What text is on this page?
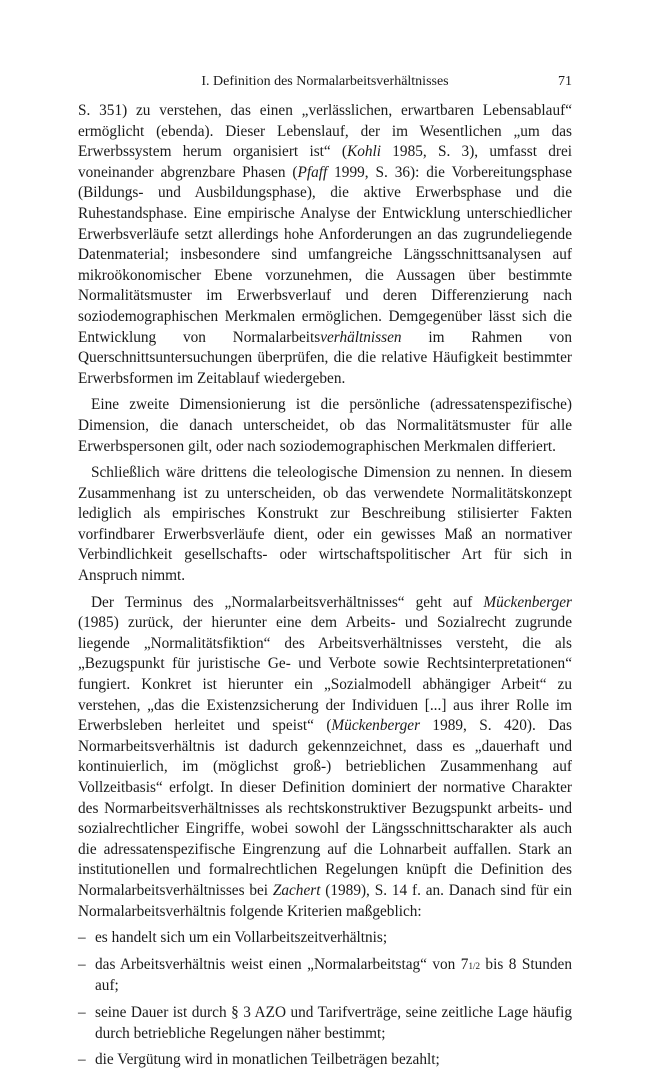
I. Definition des Normalarbeitsverhältnisses	71

S. 351) zu verstehen, das einen „verlässlichen, erwartbaren Lebensablauf“ ermöglicht (ebenda). Dieser Lebenslauf, der im Wesentlichen „um das Erwerbssystem herum organisiert ist“ (Kohli 1985, S. 3), umfasst drei voneinander abgrenzbare Phasen (Pfaff 1999, S. 36): die Vorbereitungsphase (Bildungs- und Ausbildungsphase), die aktive Erwerbsphase und die Ruhestandsphase. Eine empirische Analyse der Entwicklung unterschiedlicher Erwerbsverläufe setzt allerdings hohe Anforderungen an das zugrundeliegende Datenmaterial; insbesondere sind umfangreiche Längsschnittsanalysen auf mikroökonomischer Ebene vorzunehmen, die Aussagen über bestimmte Normalitätsmuster im Erwerbsverlauf und deren Differenzierung nach soziodemographischen Merkmalen ermöglichen. Demgegenüber lässt sich die Entwicklung von Normalarbeitsverhältnissen im Rahmen von Querschnittsuntersuchungen überprüfen, die die relative Häufigkeit bestimmter Erwerbsformen im Zeitablauf wiedergeben.

Eine zweite Dimensionierung ist die persönliche (adressatenspezifische) Dimension, die danach unterscheidet, ob das Normalitätsmuster für alle Erwerbspersonen gilt, oder nach soziodemographischen Merkmalen differiert.

Schließlich wäre drittens die teleologische Dimension zu nennen. In diesem Zusammenhang ist zu unterscheiden, ob das verwendete Normalitätskonzept lediglich als empirisches Konstrukt zur Beschreibung stilisierter Fakten vorfindbarer Erwerbsverläufe dient, oder ein gewisses Maß an normativer Verbindlichkeit gesellschafts- oder wirtschaftspolitischer Art für sich in Anspruch nimmt.

Der Terminus des „Normalarbeitsverhältnisses“ geht auf Mückenberger (1985) zurück, der hierunter eine dem Arbeits- und Sozialrecht zugrunde liegende „Normalitätsfiktion“ des Arbeitsverhältnisses versteht, die als „Bezugspunkt für juristische Ge- und Verbote sowie Rechtsinterpretationen“ fungiert. Konkret ist hierunter ein „Sozialmodell abhängiger Arbeit“ zu verstehen, „das die Existenzsicherung der Individuen [...] aus ihrer Rolle im Erwerbsleben herleitet und speist“ (Mückenberger 1989, S. 420). Das Normarbeitsverhältnis ist dadurch gekennzeichnet, dass es „dauerhaft und kontinuierlich, im (möglichst groß-) betrieblichen Zusammenhang auf Vollzeitbasis“ erfolgt. In dieser Definition dominiert der normative Charakter des Normarbeitsverhältnisses als rechtskonstruktiver Bezugspunkt arbeits- und sozialrechtlicher Eingriffe, wobei sowohl der Längsschnittscharakter als auch die adressatenspezifische Eingrenzung auf die Lohnarbeit auffallen. Stark an institutionellen und formalrechtlichen Regelungen knüpft die Definition des Normalarbeitsverhältnisses bei Zachert (1989), S. 14 f. an. Danach sind für ein Normalarbeitsverhältnis folgende Kriterien maßgeblich:

– es handelt sich um ein Vollarbeitszeitverhältnis;
– das Arbeitsverhältnis weist einen „Normalarbeitstag“ von 71/2 bis 8 Stunden auf;
– seine Dauer ist durch § 3 AZO und Tarifverträge, seine zeitliche Lage häufig durch betriebliche Regelungen näher bestimmt;
– die Vergütung wird in monatlichen Teilbeträgen bezahlt;
